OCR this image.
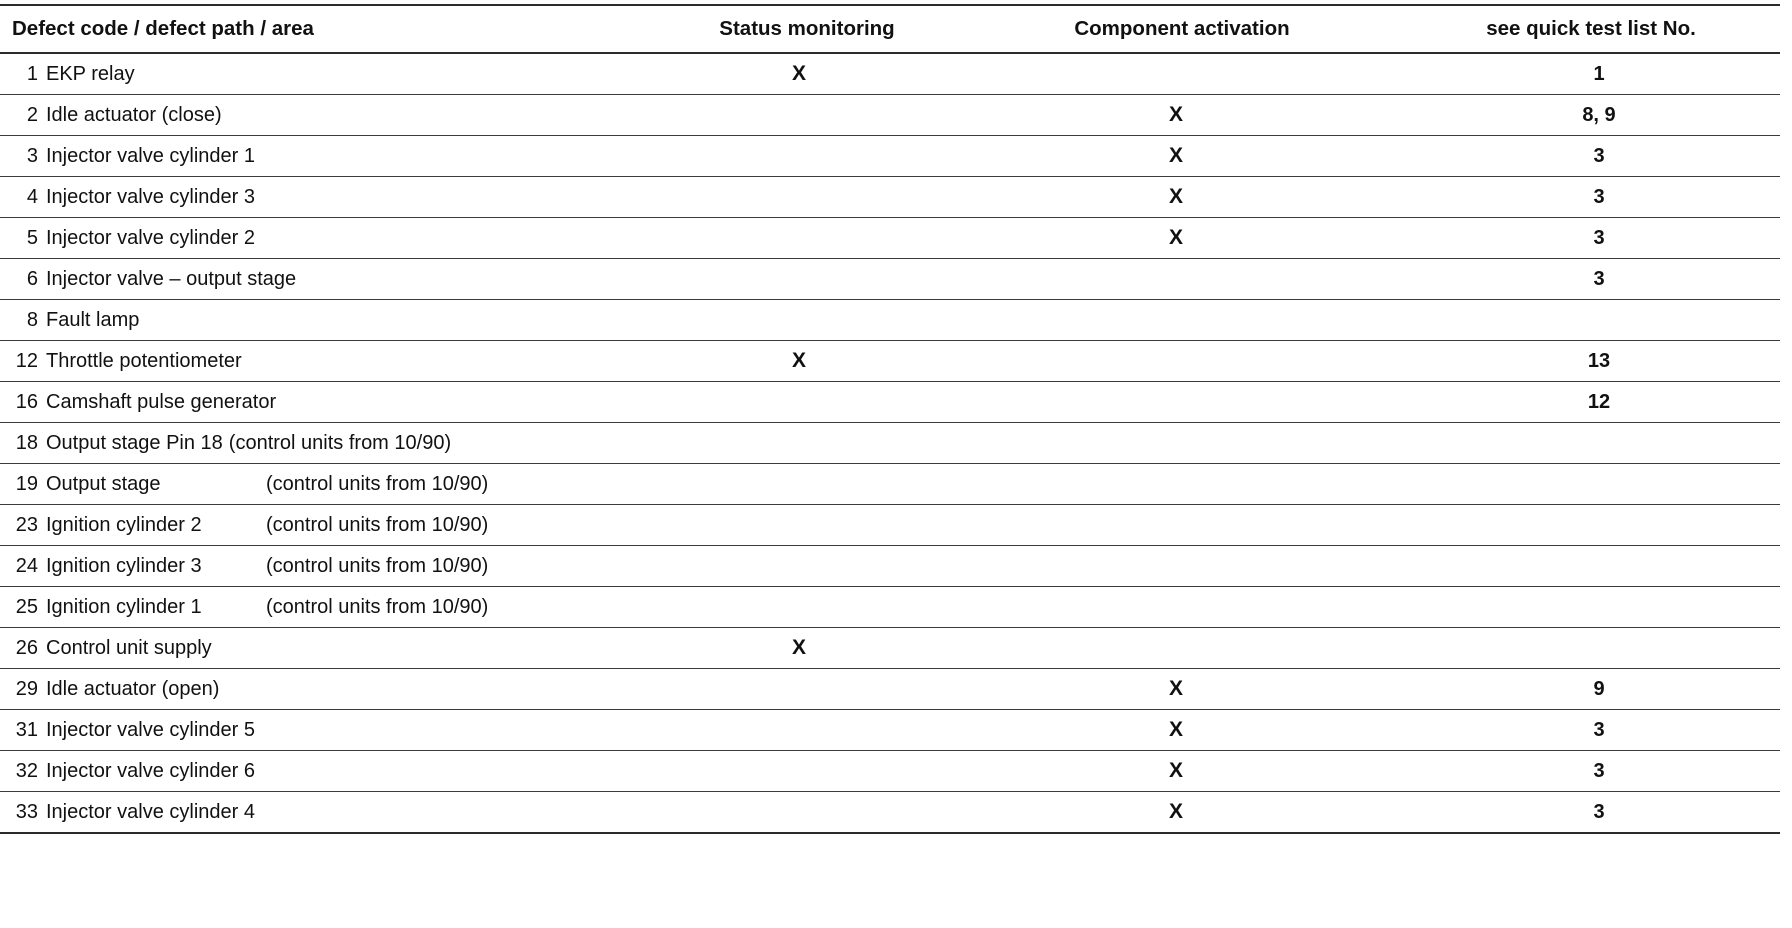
Defect code / defect path / area	Status monitoring	Component activation	see quick test list No.

1 EKP relay	X		1

2 Idle actuator (close)		X	8, 9

3 Injector valve cylinder 1		X	3

4 Injector valve cylinder 3		X	3

5 Injector valve cylinder 2		X	3

6 Injector valve – output stage			3

8 Fault lamp			

12 Throttle potentiometer	X		13

16 Camshaft pulse generator			12

18 Output stage Pin 18 (control units from 10/90)			

19 Output stage (control units from 10/90)			

23 Ignition cylinder 2 (control units from 10/90)			

24 Ignition cylinder 3 (control units from 10/90)			

25 Ignition cylinder 1 (control units from 10/90)			

26 Control unit supply	X		

29 Idle actuator (open)		X	9

31 Injector valve cylinder 5		X	3

32 Injector valve cylinder 6		X	3

33 Injector valve cylinder 4		X	3
